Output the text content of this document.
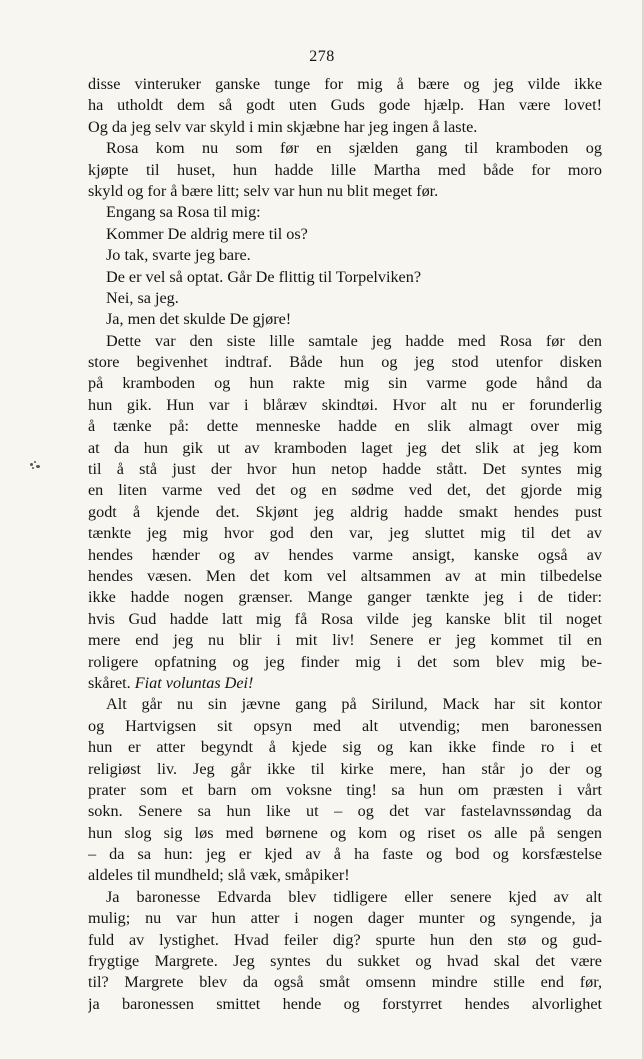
278
disse vinteruker ganske tunge for mig å bære og jeg vilde ikke
ha utholdt dem så godt uten Guds gode hjælp. Han være lovet!
Og da jeg selv var skyld i min skjæbne har jeg ingen å laste.
Rosa kom nu som før en sjælden gang til kramboden og
kjøpte til huset, hun hadde lille Martha med både for moro
skyld og for å bære litt; selv var hun nu blit meget før.
Engang sa Rosa til mig:
Kommer De aldrig mere til os?
Jo tak, svarte jeg bare.
De er vel så optat. Går De flittig til Torpelviken?
Nei, sa jeg.
Ja, men det skulde De gjøre!
Dette var den siste lille samtale jeg hadde med Rosa før den
store begivenhet indtraf. Både hun og jeg stod utenfor disken
på kramboden og hun rakte mig sin varme gode hånd da
hun gik. Hun var i blåræv skindtøi. Hvor alt nu er forunderlig
å tænke på: dette menneske hadde en slik almagt over mig
at da hun gik ut av kramboden laget jeg det slik at jeg kom
til å stå just der hvor hun netop hadde stått. Det syntes mig
en liten varme ved det og en sødme ved det, det gjorde mig
godt å kjende det. Skjønt jeg aldrig hadde smakt hendes pust
tænkte jeg mig hvor god den var, jeg sluttet mig til det av
hendes hænder og av hendes varme ansigt, kanske også av
hendes væsen. Men det kom vel altsammen av at min tilbedelse
ikke hadde nogen grænser. Mange ganger tænkte jeg i de tider:
hvis Gud hadde latt mig få Rosa vilde jeg kanske blit til noget
mere end jeg nu blir i mit liv! Senere er jeg kommet til en
roligere opfatning og jeg finder mig i det som blev mig be-
skåret. Fiat voluntas Dei!
Alt går nu sin jævne gang på Sirilund, Mack har sit kontor
og Hartvigsen sit opsyn med alt utvendig; men baronessen
hun er atter begyndt å kjede sig og kan ikke finde ro i et
religiøst liv. Jeg går ikke til kirke mere, han står jo der og
prater som et barn om voksne ting! sa hun om præsten i vårt
sokn. Senere sa hun like ut – og det var fastelavnssøndag da
hun slog sig løs med børnene og kom og riset os alle på sengen
– da sa hun: jeg er kjed av å ha faste og bod og korsfæstelse
aldeles til mundheld; slå væk, småpiker!
Ja baronesse Edvarda blev tidligere eller senere kjed av alt
mulig; nu var hun atter i nogen dager munter og syngende, ja
fuld av lystighet. Hvad feiler dig? spurte hun den stø og gud-
frygtige Margrete. Jeg syntes du sukket og hvad skal det være
til? Margrete blev da også småt omsenn mindre stille end før,
ja baronessen smittet hende og forstyrret hendes alvorlighet
